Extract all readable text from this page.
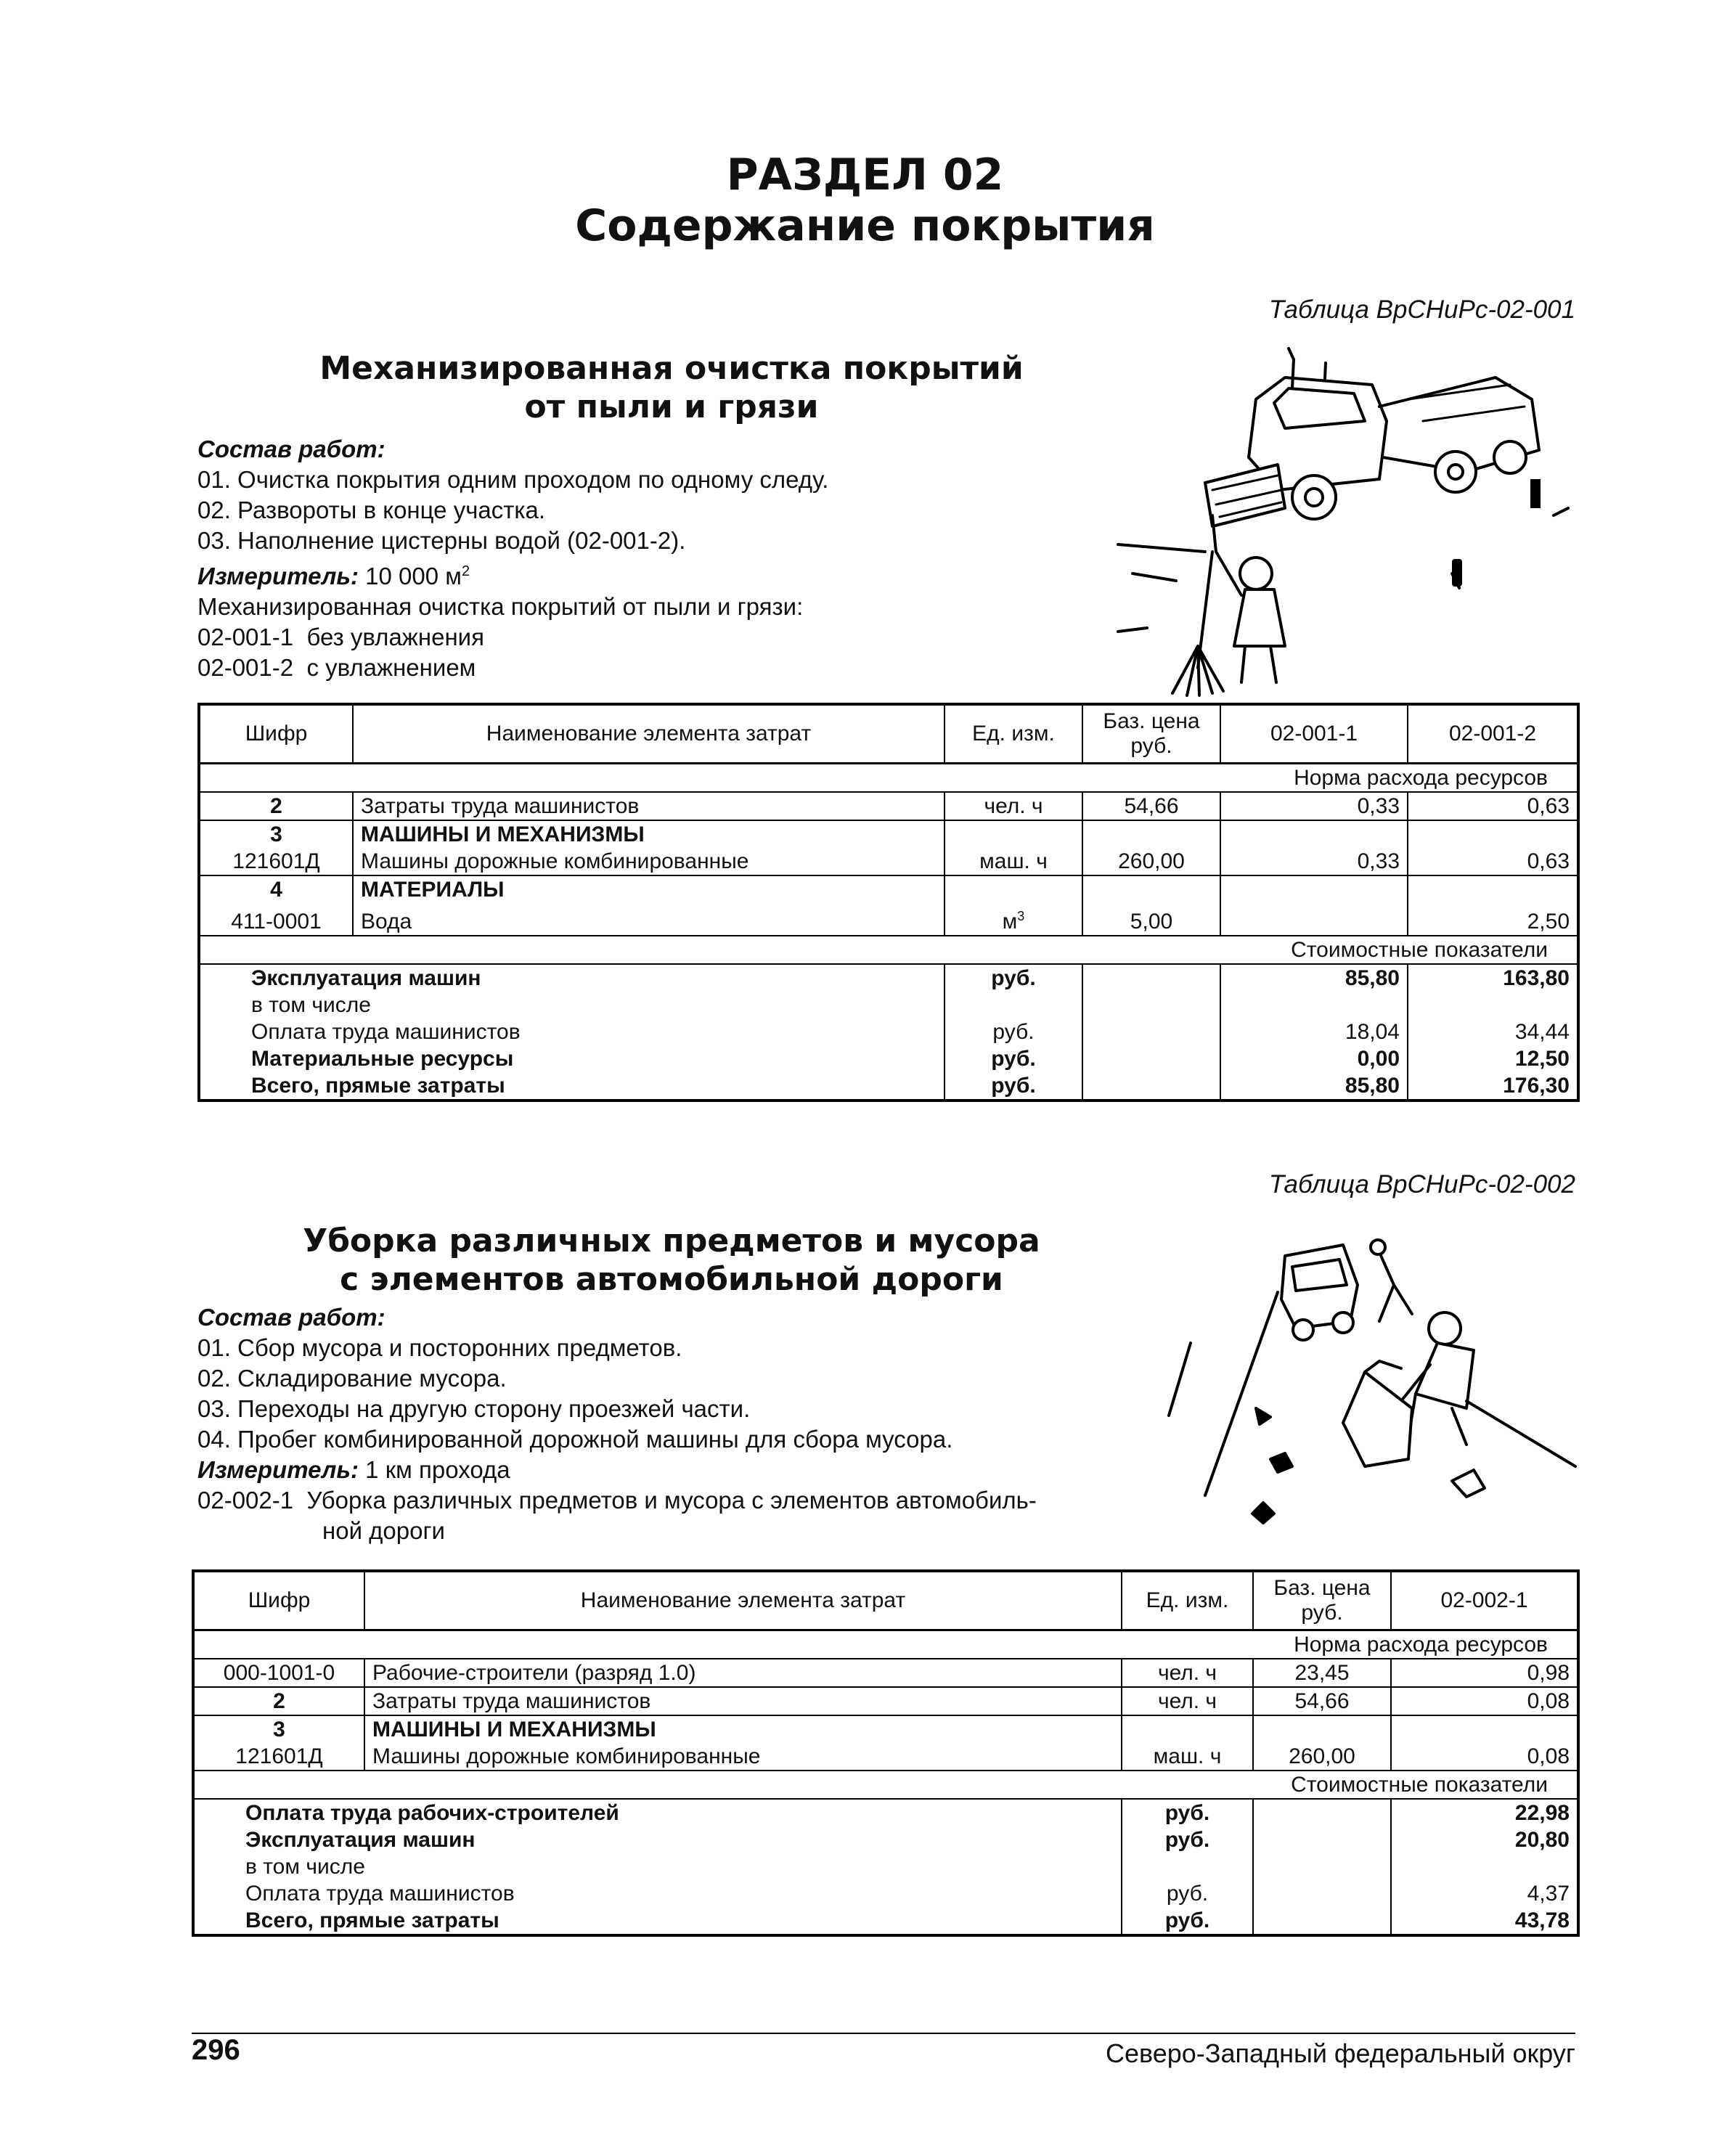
РАЗДЕЛ 02
Содержание покрытия
Таблица ВрСНиРс-02-001
Механизированная очистка покрытий
от пыли и грязи
Состав работ:
01. Очистка покрытия одним проходом по одному следу.
02. Развороты в конце участка.
03. Наполнение цистерны водой (02-001-2).
Измеритель: 10 000 $м^2$
Механизированная очистка покрытий от пыли и грязи:
02-001-1 без увлажнения
02-001-2 с увлажнением
Шифр	Наименование элемента затрат	Ед. изм.	Баз. цена руб.	02-001-1	02-001-2
Норма расхода ресурсов					
2	Затраты труда машинистов	чел. ч	54,66	0,33	0,63
3	МАШИНЫ И МЕХАНИЗМЫ				
121601Д	Машины дорожные комбинированные	маш. ч	260,00	0,33	0,63
4	МАТЕРИАЛЫ				
411-0001	Вода	$м^3$	5,00		2,50
Стоимостные показатели					
Эксплуатация машин		руб.		85,80	163,80
в том числе					
Оплата труда машинистов		руб.		18,04	34,44
Материальные ресурсы		руб.		0,00	12,50
Всего, прямые затраты		руб.		85,80	176,30
Таблица ВрСНиРс-02-002
Уборка различных предметов и мусора
с элементов автомобильной дороги
Состав работ:
01. Сбор мусора и посторонних предметов.
02. Складирование мусора.
03. Переходы на другую сторону проезжей части.
04. Пробег комбинированной дорожной машины для сбора мусора.
Измеритель: 1 км прохода
02-002-1 Уборка различных предметов и мусора с элементов автомобиль-
ной дороги
Шифр	Наименование элемента затрат	Ед. изм.	Баз. цена руб.	02-002-1
Норма расхода ресурсов				
000-1001-0	Рабочие-строители (разряд 1.0)	чел. ч	23,45	0,98
2	Затраты труда машинистов	чел. ч	54,66	0,08
3	МАШИНЫ И МЕХАНИЗМЫ			
121601Д	Машины дорожные комбинированные	маш. ч	260,00	0,08
Стоимостные показатели				
Оплата труда рабочих-строителей		руб.		22,98
Эксплуатация машин		руб.		20,80
в том числе				
Оплата труда машинистов		руб.		4,37
Всего, прямые затраты		руб.		43,78
296	Северо-Западный федеральный округ
